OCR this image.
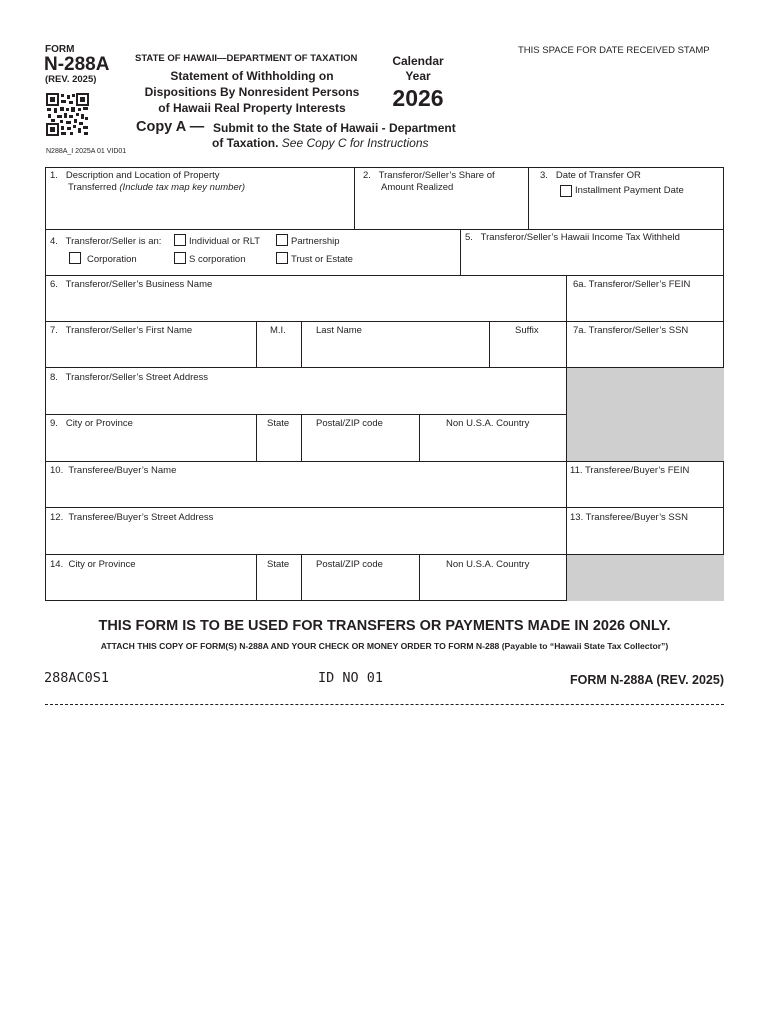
FORM
N-288A
(REV. 2025)
STATE OF HAWAII—DEPARTMENT OF TAXATION
Statement of Withholding on
Dispositions By Nonresident Persons
of Hawaii Real Property Interests
Calendar
Year
2026
THIS SPACE FOR DATE RECEIVED STAMP
Copy A — Submit to the State of Hawaii - Department
of Taxation. See Copy C for Instructions
N288A_I 2025A 01 VID01
1.   Description and Location of Property
Transferred (Include tax map key number)
2.   Transferor/Seller’s Share of
Amount Realized
3.   Date of Transfer OR
Installment Payment Date
4.   Transferor/Seller is an:	Individual or RLT	Partnership
Corporation	S corporation	Trust or Estate
5.   Transferor/Seller’s Hawaii Income Tax Withheld
6.   Transferor/Seller’s Business Name	6a. Transferor/Seller’s FEIN
7.   Transferor/Seller’s First Name	M.I.	Last Name	Suffix	7a. Transferor/Seller’s SSN
8.   Transferor/Seller’s Street Address
9.   City or Province	State	Postal/ZIP code	Non U.S.A. Country
10.  Transferee/Buyer’s Name	11. Transferee/Buyer’s FEIN
12.  Transferee/Buyer’s Street Address	13. Transferee/Buyer’s SSN
14.  City or Province	State	Postal/ZIP code	Non U.S.A. Country
THIS FORM IS TO BE USED FOR TRANSFERS OR PAYMENTS MADE IN 2026 ONLY.
ATTACH THIS COPY OF FORM(S) N-288A AND YOUR CHECK OR MONEY ORDER TO FORM N-288 (Payable to “Hawaii State Tax Collector”)
288AC0S1	ID NO 01	FORM N-288A (REV. 2025)
